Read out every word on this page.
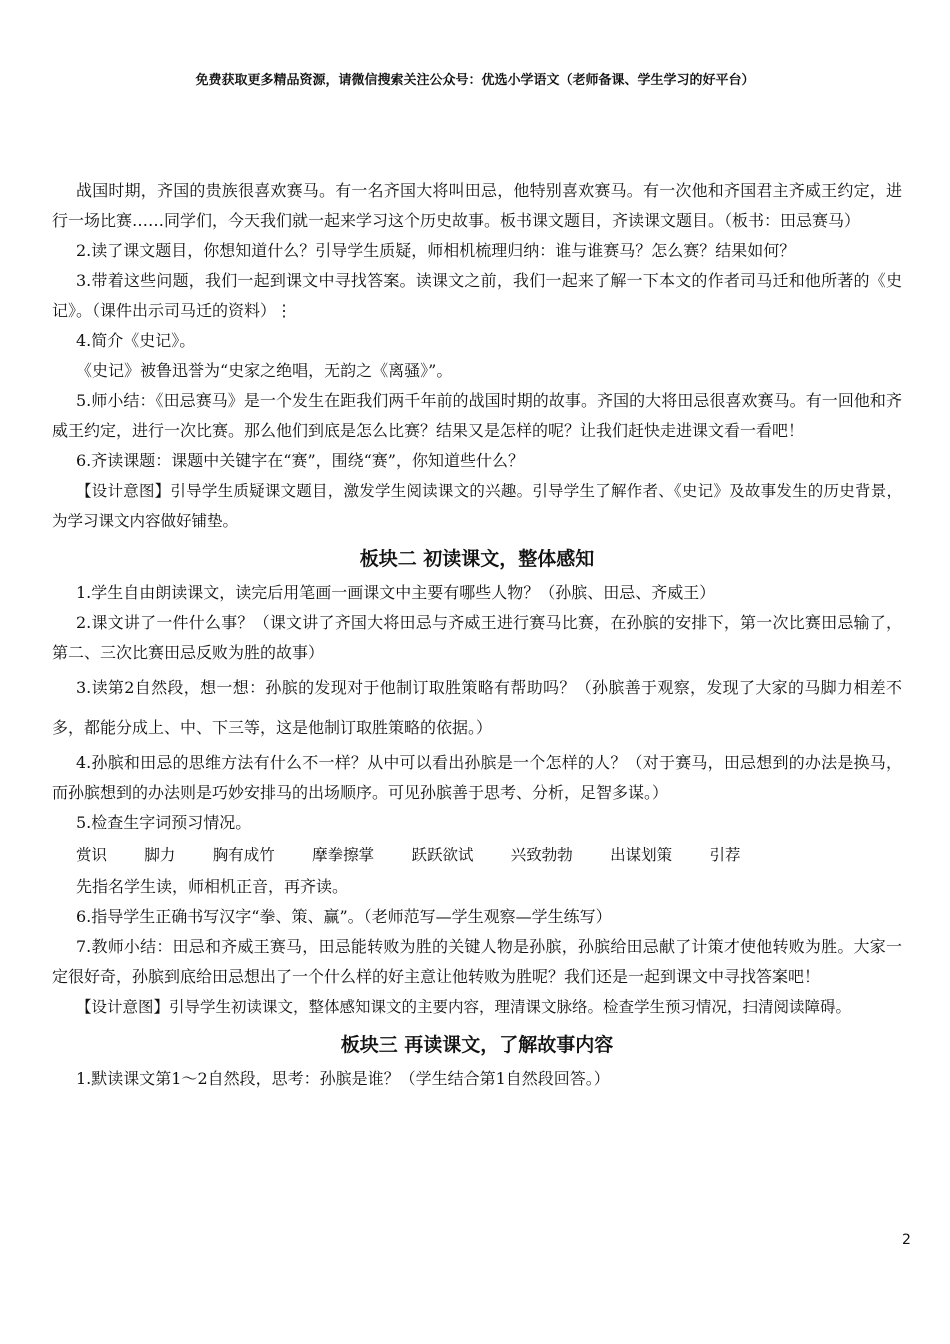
免费获取更多精品资源，请微信搜索关注公众号：优选小学语文（老师备课、学生学习的好平台）

战国时期，齐国的贵族很喜欢赛马。有一名齐国大将叫田忌，他特别喜欢赛马。有一次他和齐国君主齐威王约定，进行一场比赛……同学们，今天我们就一起来学习这个历史故事。板书课文题目，齐读课文题目。（板书：田忌赛马）

2.读了课文题目，你想知道什么？引导学生质疑，师相机梳理归纳：谁与谁赛马？怎么赛？结果如何？

3.带着这些问题，我们一起到课文中寻找答案。读课文之前，我们一起来了解一下本文的作者司马迁和他所著的《史记》。（课件出示司马迁的资料）⋮

4.简介《史记》。

《史记》被鲁迅誉为“史家之绝唱，无韵之《离骚》”。

5.师小结：《田忌赛马》是一个发生在距我们两千年前的战国时期的故事。齐国的大将田忌很喜欢赛马。有一回他和齐威王约定，进行一次比赛。那么他们到底是怎么比赛？结果又是怎样的呢？让我们赶快走进课文看一看吧！

6.齐读课题：课题中关键字在“赛”，围绕“赛”，你知道些什么？

【设计意图】引导学生质疑课文题目，激发学生阅读课文的兴趣。引导学生了解作者、《史记》及故事发生的历史背景，为学习课文内容做好铺垫。

板块二 初读课文，整体感知

1.学生自由朗读课文，读完后用笔画一画课文中主要有哪些人物？（孙膑、田忌、齐威王）

2.课文讲了一件什么事？（课文讲了齐国大将田忌与齐威王进行赛马比赛，在孙膑的安排下，第一次比赛田忌输了，第二、三次比赛田忌反败为胜的故事）

3.读第2自然段，想一想：孙膑的发现对于他制订取胜策略有帮助吗？（孙膑善于观察，发现了大家的马脚力相差不多，都能分成上、中、下三等，这是他制订取胜策略的依据。）

4.孙膑和田忌的思维方法有什么不一样？从中可以看出孙膑是一个怎样的人？（对于赛马，田忌想到的办法是换马，而孙膑想到的办法则是巧妙安排马的出场顺序。可见孙膑善于思考、分析，足智多谋。）

5.检查生字词预习情况。

赏识 脚力 胸有成竹 摩拳擦掌 跃跃欲试 兴致勃勃 出谋划策 引荐

先指名学生读，师相机正音，再齐读。

6.指导学生正确书写汉字“拳、策、赢”。（老师范写—学生观察—学生练写）

7.教师小结：田忌和齐威王赛马，田忌能转败为胜的关键人物是孙膑，孙膑给田忌献了计策才使他转败为胜。大家一定很好奇，孙膑到底给田忌想出了一个什么样的好主意让他转败为胜呢？我们还是一起到课文中寻找答案吧！

【设计意图】引导学生初读课文，整体感知课文的主要内容，理清课文脉络。检查学生预习情况，扫清阅读障碍。

板块三 再读课文，了解故事内容

1.默读课文第1～2自然段，思考：孙膑是谁？（学生结合第1自然段回答。）

2
